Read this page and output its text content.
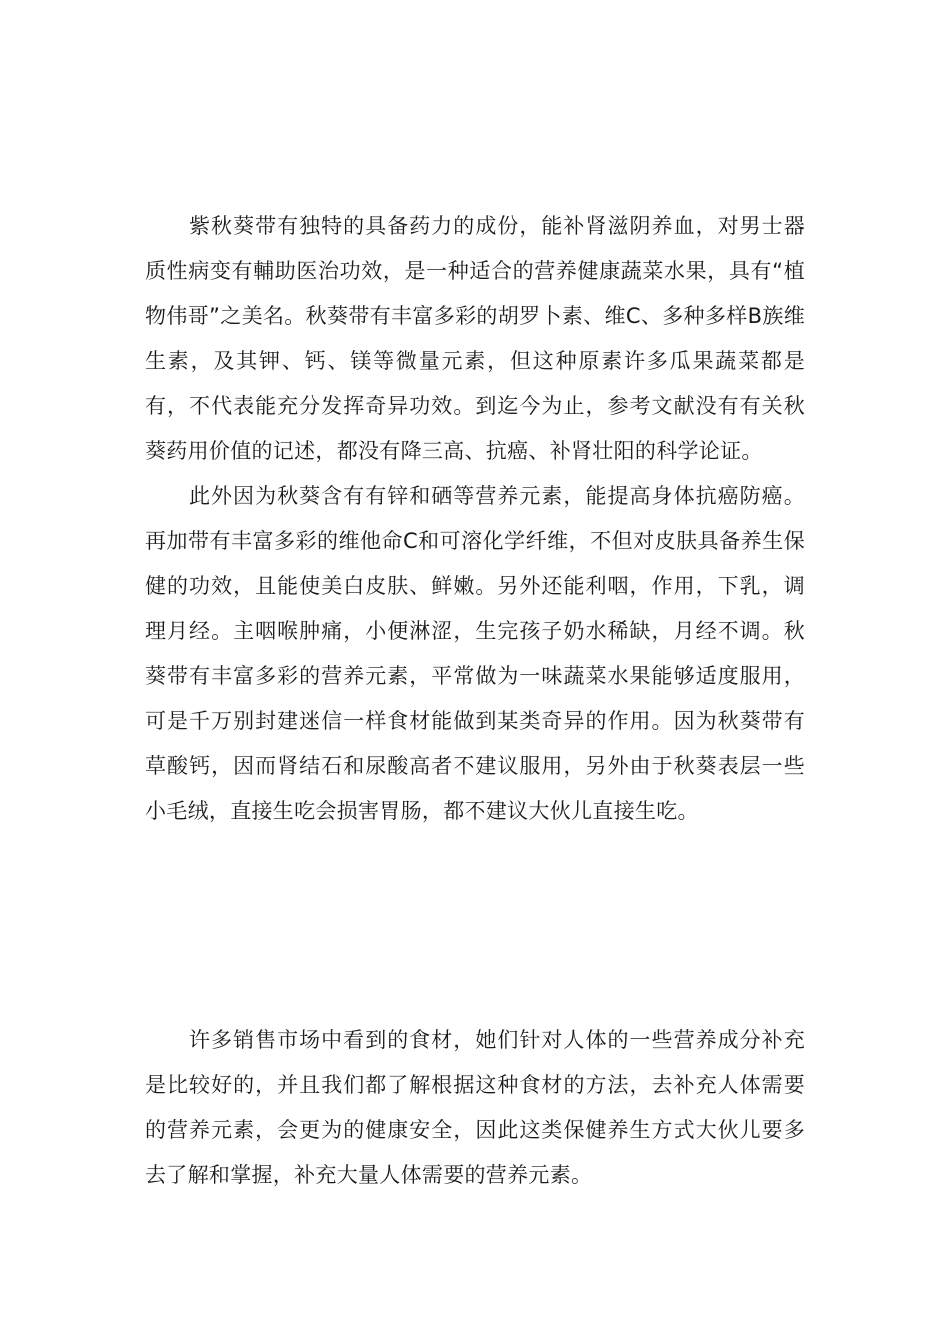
紫秋葵带有独特的具备药力的成份，能补肾滋阴养血，对男士器质性病变有輔助医治功效，是一种适合的营养健康蔬菜水果，具有“植物伟哥”之美名。秋葵带有丰富多彩的胡罗卜素、维C、多种多样B族维生素，及其钾、钙、镁等微量元素，但这种原素许多瓜果蔬菜都是有，不代表能充分发挥奇异功效。到迄今为止，参考文献没有有关秋葵药用价值的记述，都没有降三高、抗癌、补肾壮阳的科学论证。

此外因为秋葵含有有锌和硒等营养元素，能提高身体抗癌防癌。再加带有丰富多彩的维他命C和可溶化学纤维，不但对皮肤具备养生保健的功效，且能使美白皮肤、鲜嫩。另外还能利咽，作用，下乳，调理月经。主咽喉肿痛，小便淋涩，生完孩子奶水稀缺，月经不调。秋葵带有丰富多彩的营养元素，平常做为一味蔬菜水果能够适度服用，可是千万别封建迷信一样食材能做到某类奇异的作用。因为秋葵带有草酸钙，因而肾结石和尿酸高者不建议服用，另外由于秋葵表层一些小毛绒，直接生吃会损害胃肠，都不建议大伙儿直接生吃。

许多销售市场中看到的食材，她们针对人体的一些营养成分补充是比较好的，并且我们都了解根据这种食材的方法，去补充人体需要的营养元素，会更为的健康安全，因此这类保健养生方式大伙儿要多去了解和掌握，补充大量人体需要的营养元素。
